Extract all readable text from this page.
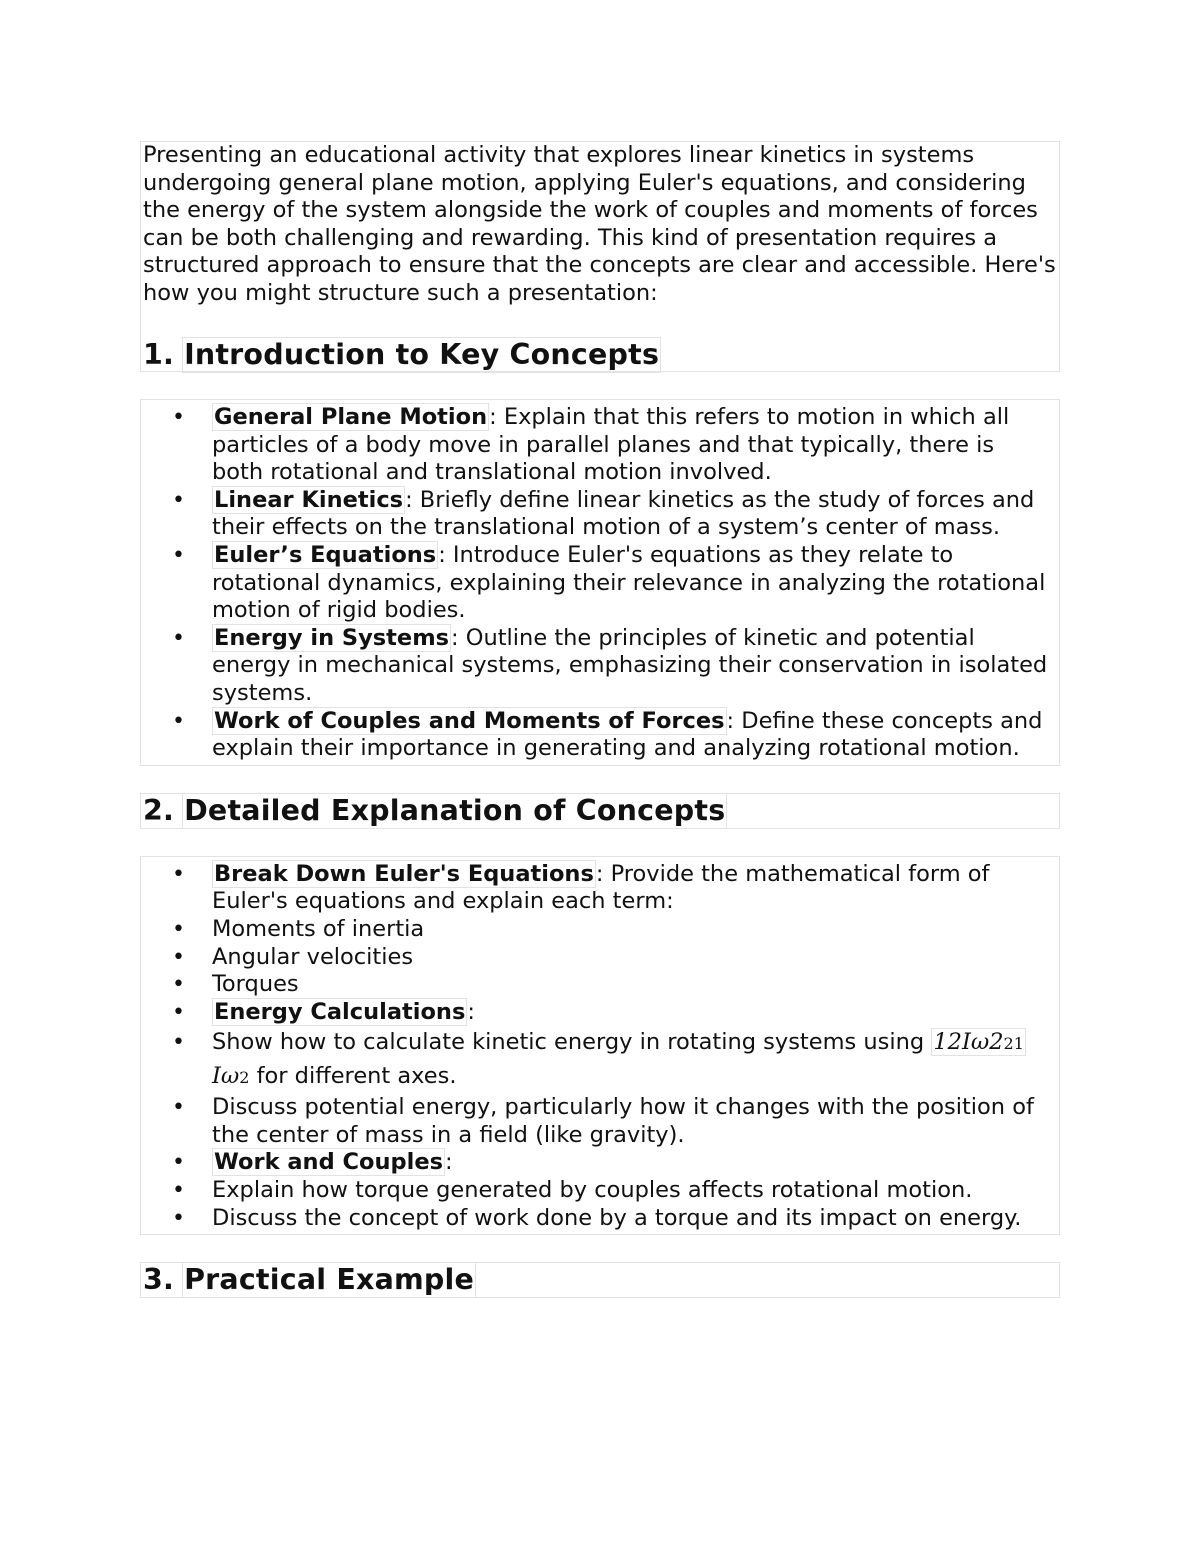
Presenting an educational activity that explores linear kinetics in systems undergoing general plane motion, applying Euler's equations, and considering the energy of the system alongside the work of couples and moments of forces can be both challenging and rewarding. This kind of presentation requires a structured approach to ensure that the concepts are clear and accessible. Here's how you might structure such a presentation:

1. Introduction to Key Concepts
• General Plane Motion: Explain that this refers to motion in which all particles of a body move in parallel planes and that typically, there is both rotational and translational motion involved.
• Linear Kinetics: Briefly define linear kinetics as the study of forces and their effects on the translational motion of a system’s center of mass.
• Euler’s Equations: Introduce Euler's equations as they relate to rotational dynamics, explaining their relevance in analyzing the rotational motion of rigid bodies.
• Energy in Systems: Outline the principles of kinetic and potential energy in mechanical systems, emphasizing their conservation in isolated systems.
• Work of Couples and Moments of Forces: Define these concepts and explain their importance in generating and analyzing rotational motion.
2. Detailed Explanation of Concepts
• Break Down Euler's Equations: Provide the mathematical form of Euler's equations and explain each term:
• Moments of inertia
• Angular velocities
• Torques
• Energy Calculations:
• Show how to calculate kinetic energy in rotating systems using 12Iω221
Iω2 for different axes.
• Discuss potential energy, particularly how it changes with the position of the center of mass in a field (like gravity).
• Work and Couples:
• Explain how torque generated by couples affects rotational motion.
• Discuss the concept of work done by a torque and its impact on energy.
3. Practical Example
